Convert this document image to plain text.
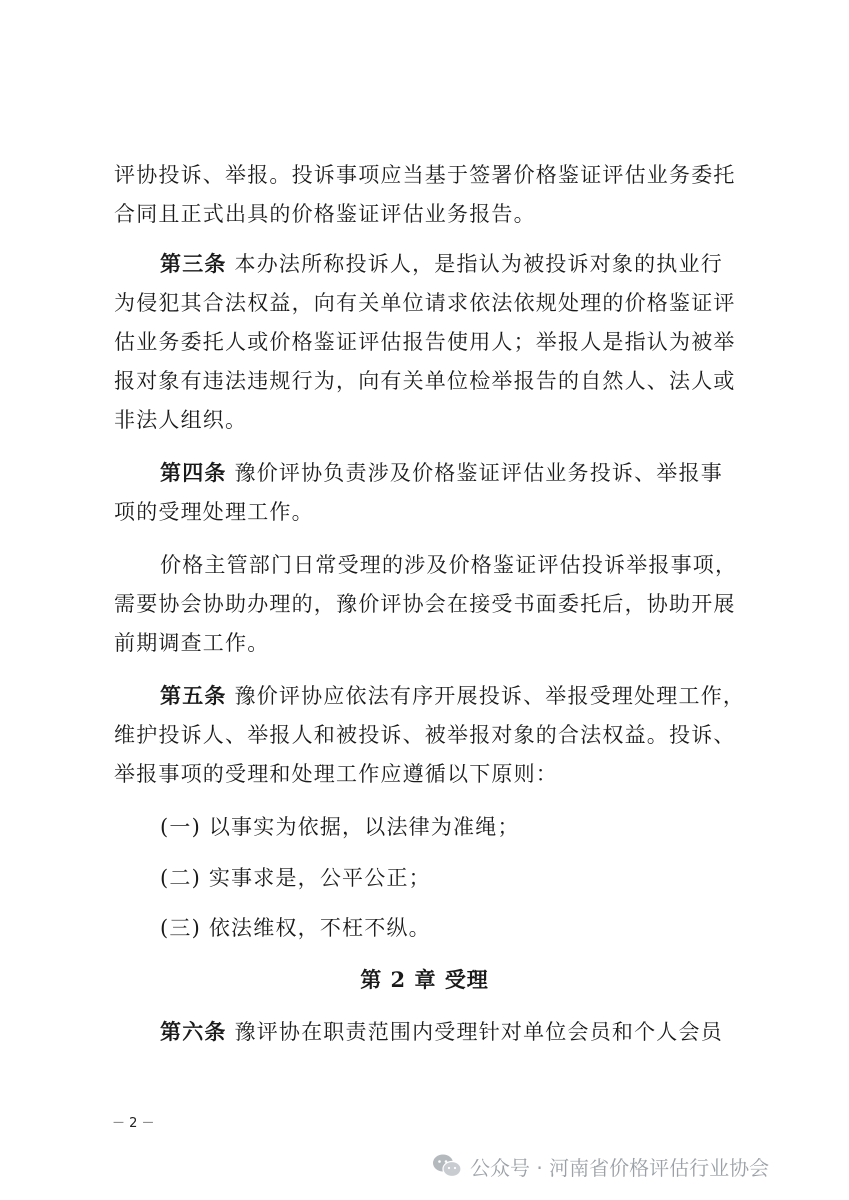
评协投诉、举报。投诉事项应当基于签署价格鉴证评估业务委托
合同且正式出具的价格鉴证评估业务报告。
第三条 本办法所称投诉人，是指认为被投诉对象的执业行
为侵犯其合法权益，向有关单位请求依法依规处理的价格鉴证评
估业务委托人或价格鉴证评估报告使用人；举报人是指认为被举
报对象有违法违规行为，向有关单位检举报告的自然人、法人或
非法人组织。
第四条 豫价评协负责涉及价格鉴证评估业务投诉、举报事
项的受理处理工作。
价格主管部门日常受理的涉及价格鉴证评估投诉举报事项，
需要协会协助办理的，豫价评协会在接受书面委托后，协助开展
前期调查工作。
第五条 豫价评协应依法有序开展投诉、举报受理处理工作，
维护投诉人、举报人和被投诉、被举报对象的合法权益。投诉、
举报事项的受理和处理工作应遵循以下原则：
(一) 以事实为依据，以法律为准绳；
(二) 实事求是，公平公正；
(三) 依法维权，不枉不纵。
第 2 章 受理
第六条 豫评协在职责范围内受理针对单位会员和个人会员
－ 2 －
公众号 · 河南省价格评估行业协会
